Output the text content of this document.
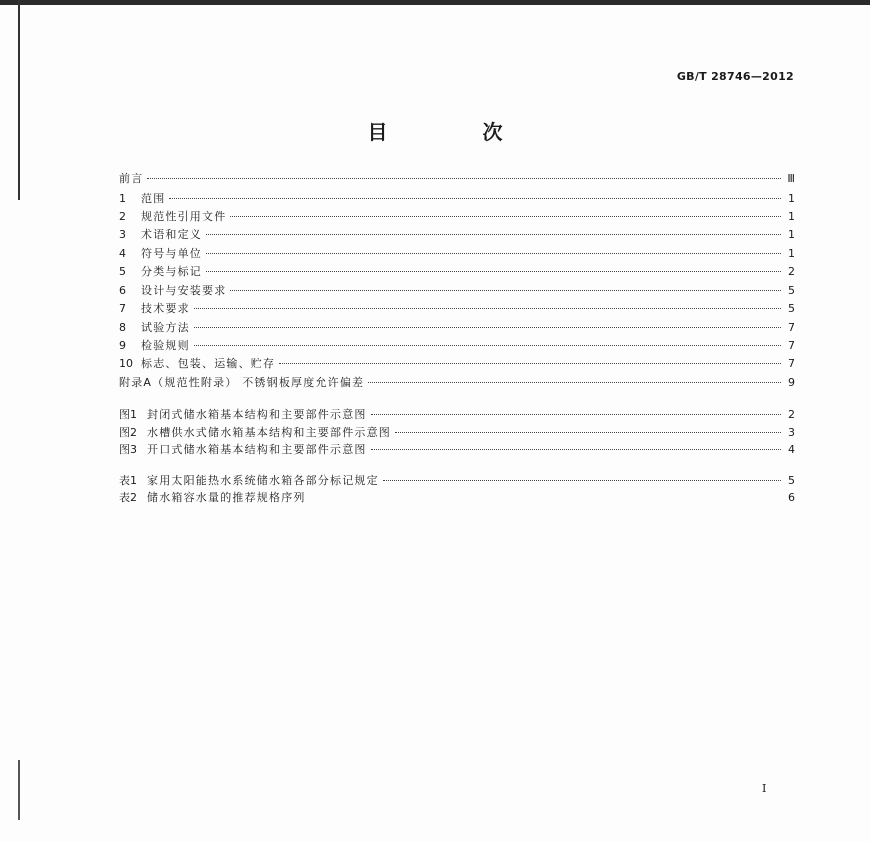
GB/T 28746—2012
目 次
前言	Ⅲ
1	范围	1
2	规范性引用文件	1
3	术语和定义	1
4	符号与单位	1
5	分类与标记	2
6	设计与安装要求	5
7	技术要求	5
8	试验方法	7
9	检验规则	7
10 标志、包装、运输、贮存	7
附录A（规范性附录） 不锈钢板厚度允许偏差	9
图1 封闭式储水箱基本结构和主要部件示意图	2
图2 水槽供水式储水箱基本结构和主要部件示意图	3
图3 开口式储水箱基本结构和主要部件示意图	4
表1 家用太阳能热水系统储水箱各部分标记规定	5
表2 储水箱容水量的推荐规格序列	6
I
